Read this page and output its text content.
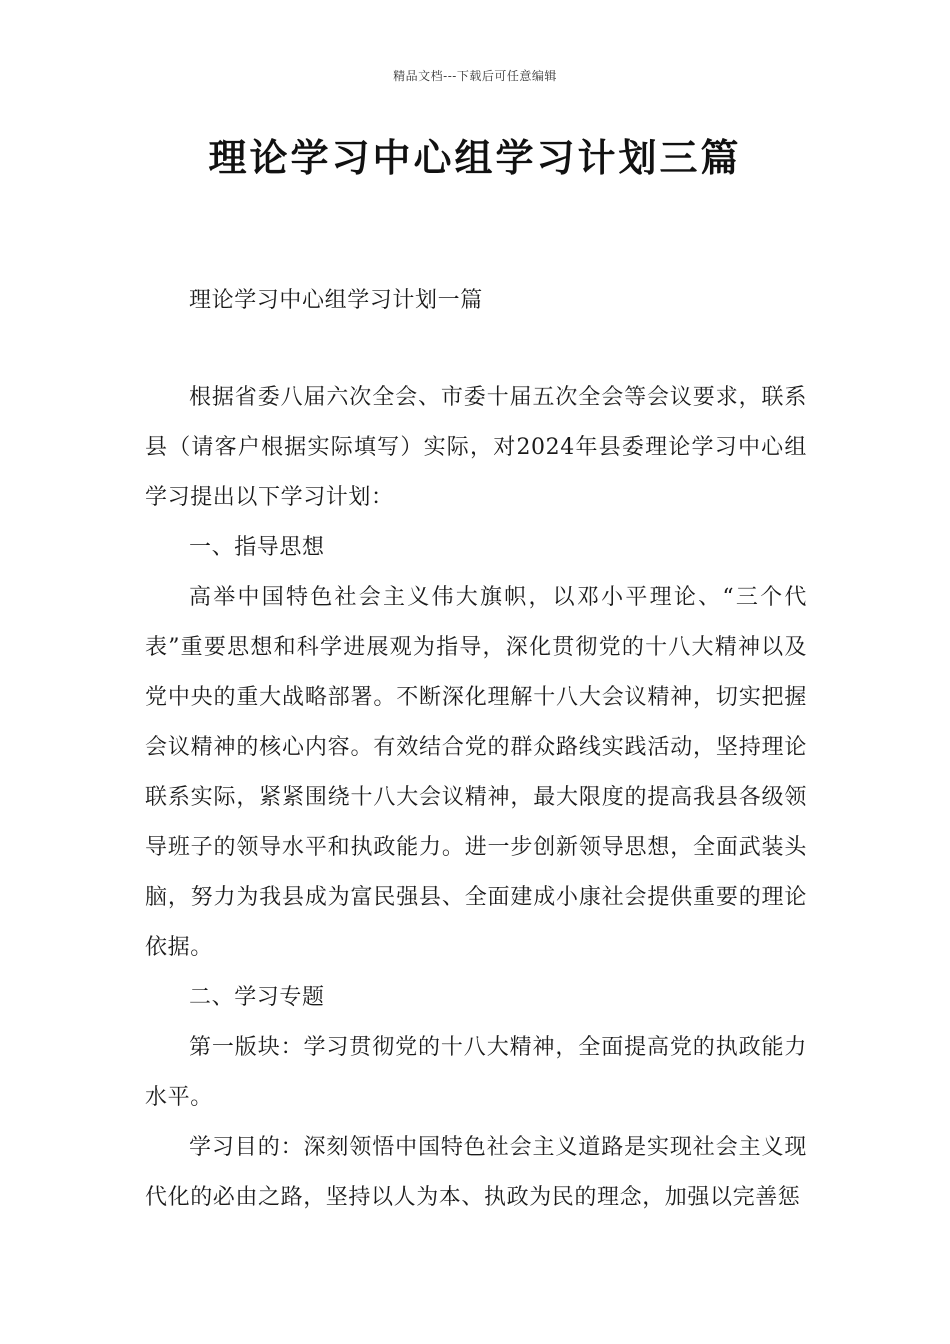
精品文档---下载后可任意编辑
理论学习中心组学习计划三篇

理论学习中心组学习计划一篇

根据省委八届六次全会、市委十届五次全会等会议要求，联系县（请客户根据实际填写）实际，对2024年县委理论学习中心组学习提出以下学习计划：

一、指导思想

高举中国特色社会主义伟大旗帜，以邓小平理论、“三个代表”重要思想和科学进展观为指导，深化贯彻党的十八大精神以及党中央的重大战略部署。不断深化理解十八大会议精神，切实把握会议精神的核心内容。有效结合党的群众路线实践活动，坚持理论联系实际，紧紧围绕十八大会议精神，最大限度的提高我县各级领导班子的领导水平和执政能力。进一步创新领导思想，全面武装头脑，努力为我县成为富民强县、全面建成小康社会提供重要的理论依据。

二、学习专题

第一版块：学习贯彻党的十八大精神，全面提高党的执政能力水平。

学习目的：深刻领悟中国特色社会主义道路是实现社会主义现代化的必由之路，坚持以人为本、执政为民的理念，加强以完善惩
